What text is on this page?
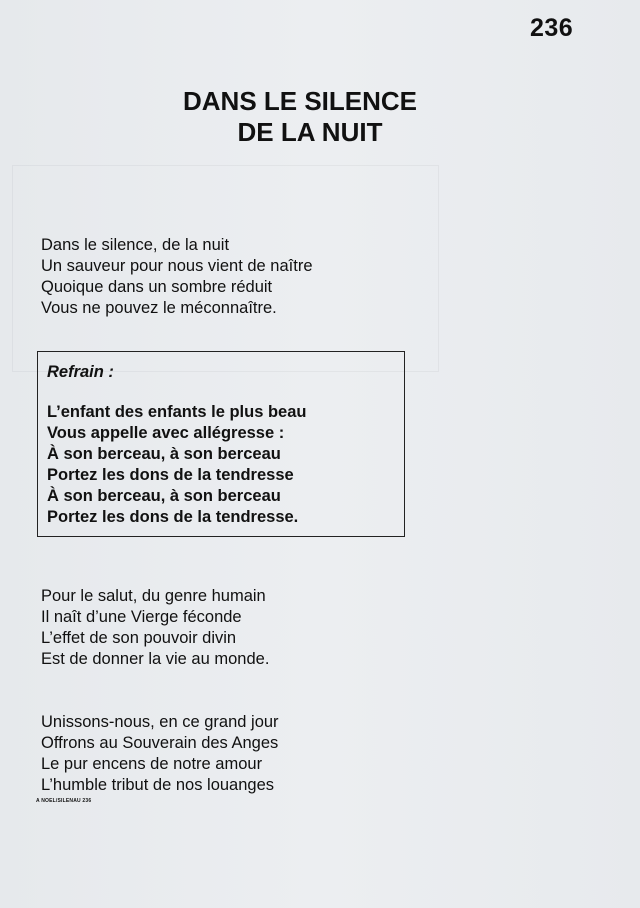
236
DANS LE SILENCE
DE LA NUIT
Dans le silence, de la nuit
Un sauveur pour nous vient de naître
Quoique dans un sombre réduit
Vous ne pouvez le méconnaître.
Refrain :
L’enfant des enfants le plus beau
Vous appelle avec allégresse :
À son berceau, à son berceau
Portez les dons de la tendresse
À son berceau, à son berceau
Portez les dons de la tendresse.
Pour le salut, du genre humain
Il naît d’une Vierge féconde
L’effet de son pouvoir divin
Est de donner la vie au monde.
Unissons-nous, en ce grand jour
Offrons au Souverain des Anges
Le pur encens de notre amour
L’humble tribut de nos louanges
A NOEL/SILENAU 236
